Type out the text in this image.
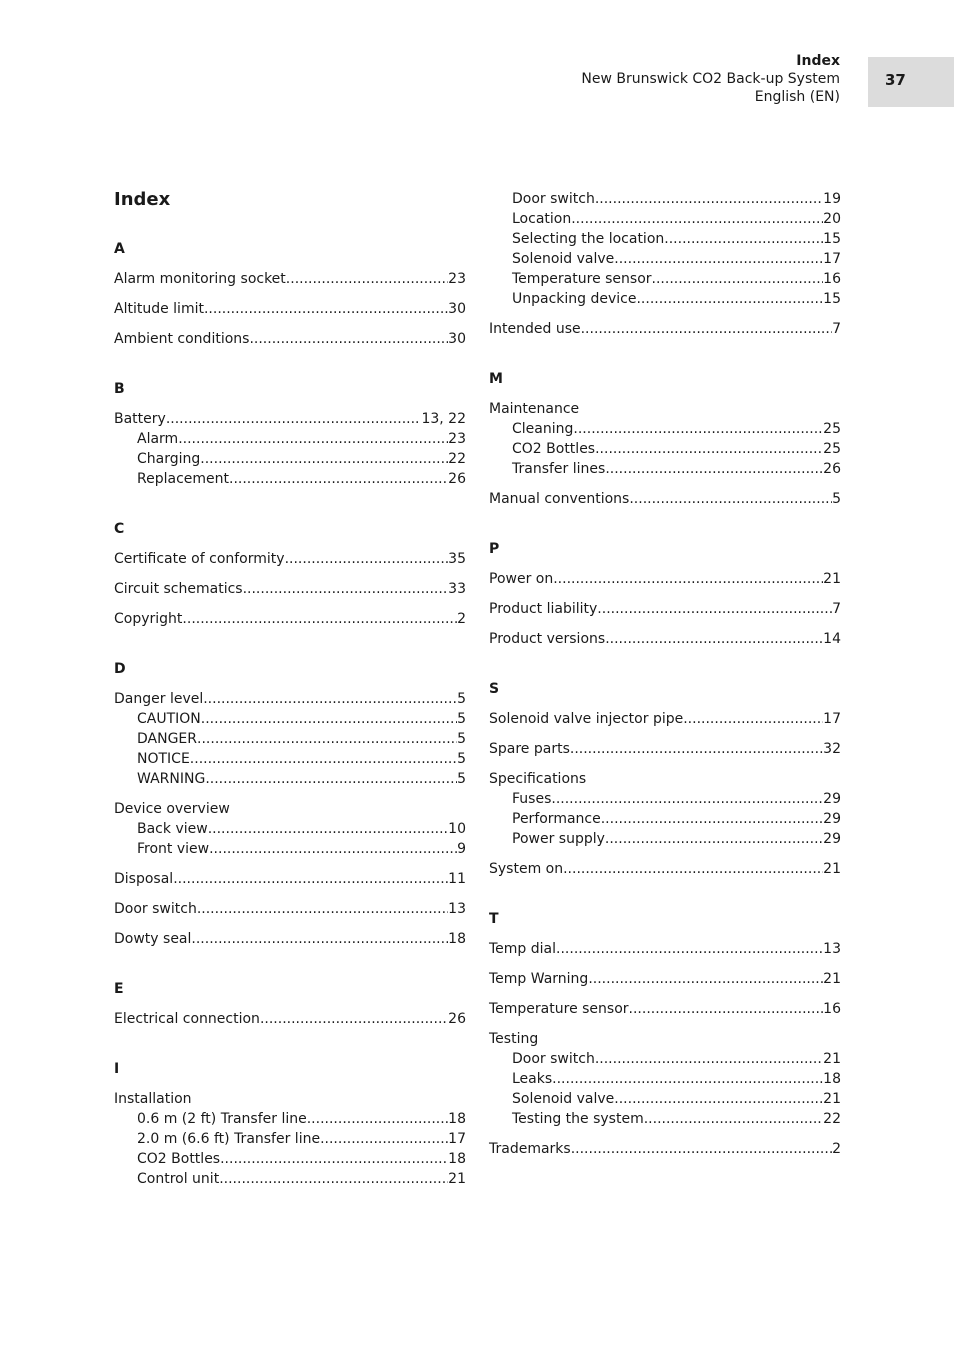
Index
New Brunswick CO2 Back-up System
English (EN)
37
Index
A
Alarm monitoring socket .....	23
Altitude limit .....	30
Ambient conditions .....	30
B
Battery .....	13, 22
Alarm .....	23
Charging .....	22
Replacement .....	26
C
Certificate of conformity .....	35
Circuit schematics .....	33
Copyright .....	2
D
Danger level .....	5
CAUTION .....	5
DANGER .....	5
NOTICE .....	5
WARNING .....	5
Device overview
Back view .....	10
Front view .....	9
Disposal .....	11
Door switch .....	13
Dowty seal .....	18
E
Electrical connection .....	26
I
Installation
0.6 m (2 ft) Transfer line .....	18
2.0 m (6.6 ft) Transfer line .....	17
CO2 Bottles .....	18
Control unit .....	21
Door switch .....	19
Location .....	20
Selecting the location .....	15
Solenoid valve .....	17
Temperature sensor .....	16
Unpacking device .....	15
Intended use .....	7
M
Maintenance
Cleaning .....	25
CO2 Bottles .....	25
Transfer lines .....	26
Manual conventions .....	5
P
Power on .....	21
Product liability .....	7
Product versions .....	14
S
Solenoid valve injector pipe .....	17
Spare parts .....	32
Specifications
Fuses .....	29
Performance .....	29
Power supply .....	29
System on .....	21
T
Temp dial .....	13
Temp Warning .....	21
Temperature sensor .....	16
Testing
Door switch .....	21
Leaks .....	18
Solenoid valve .....	21
Testing the system .....	22
Trademarks .....	2
